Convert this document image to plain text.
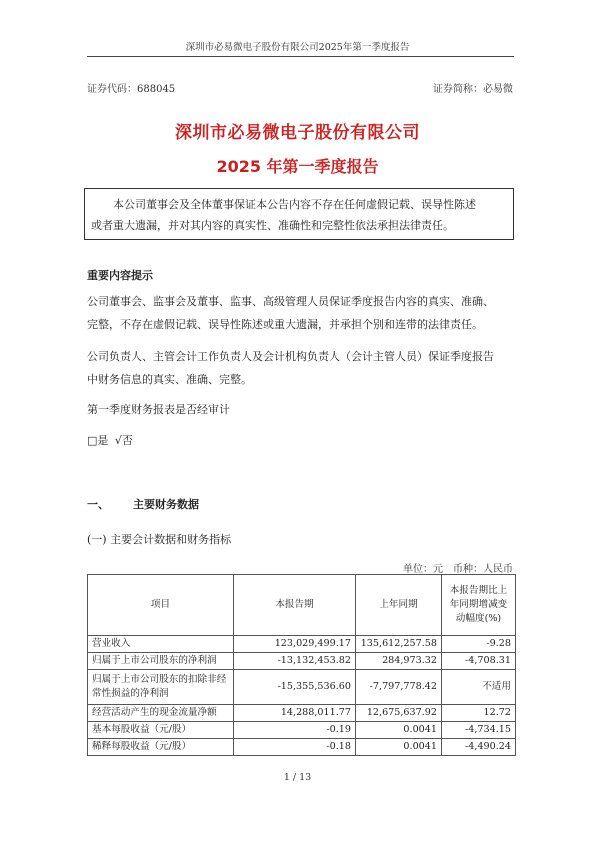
深圳市必易微电子股份有限公司2025年第一季度报告
证券代码：688045	证券简称：必易微
深圳市必易微电子股份有限公司
2025 年第一季度报告
本公司董事会及全体董事保证本公告内容不存在任何虚假记载、误导性陈述
或者重大遗漏，并对其内容的真实性、准确性和完整性依法承担法律责任。
重要内容提示
公司董事会、监事会及董事、监事、高级管理人员保证季度报告内容的真实、准确、
完整，不存在虚假记载、误导性陈述或重大遗漏，并承担个别和连带的法律责任。
公司负责人、主管会计工作负责人及会计机构负责人（会计主管人员）保证季度报告
中财务信息的真实、准确、完整。
第一季度财务报表是否经审计
□是 √否
一、 主要财务数据
(一) 主要会计数据和财务指标
单位：元　币种：人民币
项目	本报告期	上年同期	本报告期比上年同期增减变动幅度(%)
营业收入	123,029,499.17	135,612,257.58	-9.28
归属于上市公司股东的净利润	-13,132,453.82	284,973.32	-4,708.31
归属于上市公司股东的扣除非经常性损益的净利润	-15,355,536.60	-7,797,778.42	不适用
经营活动产生的现金流量净额	14,288,011.77	12,675,637.92	12.72
基本每股收益（元/股）	-0.19	0.0041	-4,734.15
稀释每股收益（元/股）	-0.18	0.0041	-4,490.24
1 / 13
